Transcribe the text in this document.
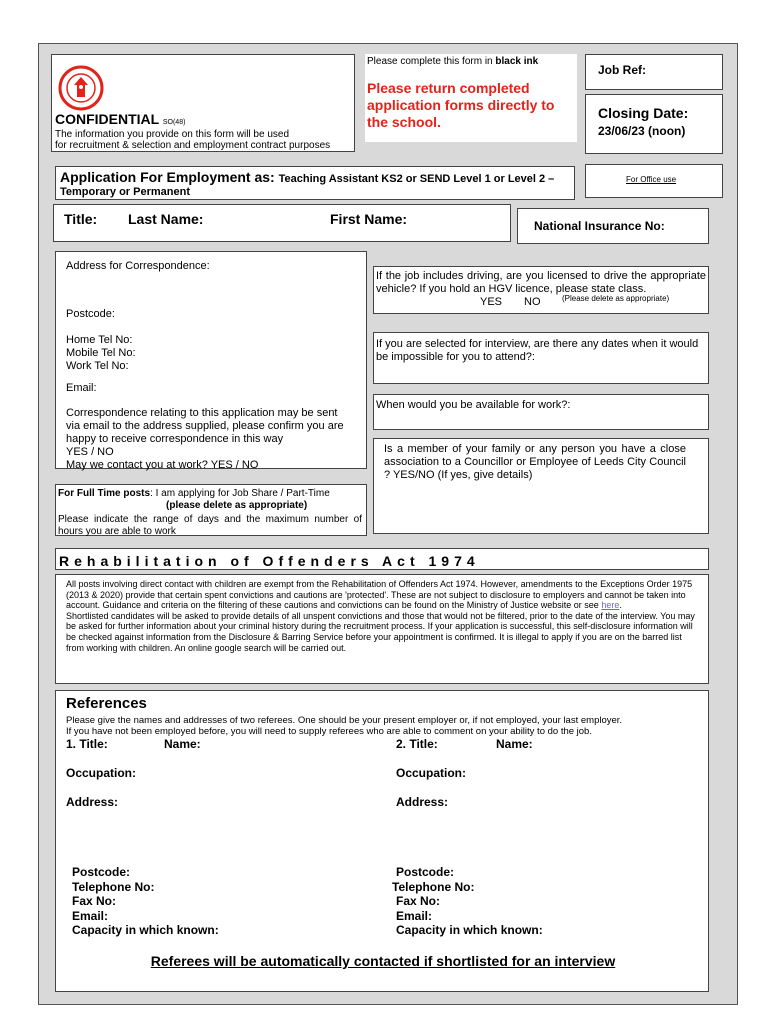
CONFIDENTIAL SO(48)
The information you provide on this form will be used
for recruitment & selection and employment contract purposes
Please complete this form in black ink
Please return completed application forms directly to the school.
Job Ref:
Closing Date:
23/06/23 (noon)
Application For Employment as: Teaching Assistant KS2 or SEND Level 1 or Level 2 – Temporary or Permanent
For Office use
Title: Last Name:	First Name:	National Insurance No:
Address for Correspondence:
Postcode:
Home Tel No:
Mobile Tel No:
Work Tel No:
Email:
Correspondence relating to this application may be sent via email to the address supplied, please confirm you are happy to receive correspondence in this way
YES / NO
May we contact you at work? YES / NO
If the job includes driving, are you licensed to drive the appropriate vehicle? If you hold an HGV licence, please state class.
YES NO	(Please delete as appropriate)
If you are selected for interview, are there any dates when it would be impossible for you to attend?:
When would you be available for work?:
Is a member of your family or any person you have a close association to a Councillor or Employee of Leeds City Council ? YES/NO (If yes, give details)
For Full Time posts: I am applying for Job Share / Part-Time
(please delete as appropriate)
Please indicate the range of days and the maximum number of hours you are able to work
Rehabilitation of Offenders Act 1974
All posts involving direct contact with children are exempt from the Rehabilitation of Offenders Act 1974. However, amendments to the Exceptions Order 1975 (2013 & 2020) provide that certain spent convictions and cautions are 'protected'. These are not subject to disclosure to employers and cannot be taken into account. Guidance and criteria on the filtering of these cautions and convictions can be found on the Ministry of Justice website or see here.
Shortlisted candidates will be asked to provide details of all unspent convictions and those that would not be filtered, prior to the date of the interview. You may be asked for further information about your criminal history during the recruitment process. If your application is successful, this self-disclosure information will be checked against information from the Disclosure & Barring Service before your appointment is confirmed. It is illegal to apply if you are on the barred list from working with children. An online google search will be carried out.
References
Please give the names and addresses of two referees. One should be your present employer or, if not employed, your last employer.
If you have not been employed before, you will need to supply referees who are able to comment on your ability to do the job.
1. Title:	Name:
Occupation:
Address:
Postcode:
Telephone No:
Fax No:
Email:
Capacity in which known:
2. Title:	Name:
Occupation:
Address:
Postcode:
Telephone No:
Fax No:
Email:
Capacity in which known:
Referees will be automatically contacted if shortlisted for an interview
